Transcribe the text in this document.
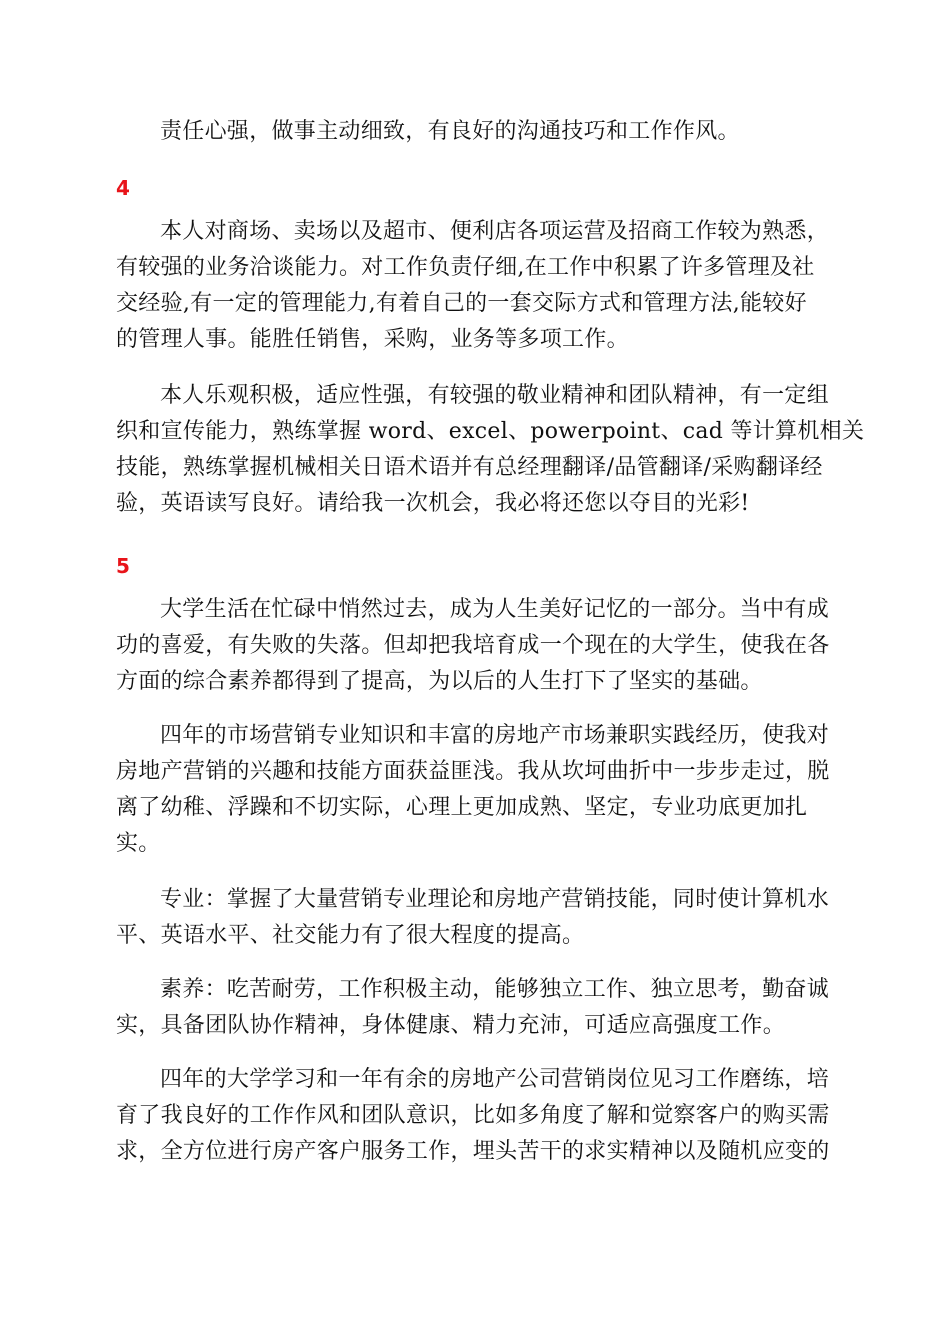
责任心强，做事主动细致，有良好的沟通技巧和工作作风。

4

本人对商场、卖场以及超市、便利店各项运营及招商工作较为熟悉，
有较强的业务洽谈能力。对工作负责仔细,在工作中积累了许多管理及社
交经验,有一定的管理能力,有着自己的一套交际方式和管理方法,能较好
的管理人事。能胜任销售，采购，业务等多项工作。

本人乐观积极，适应性强，有较强的敬业精神和团队精神，有一定组
织和宣传能力，熟练掌握 word、excel、powerpoint、cad 等计算机相关
技能，熟练掌握机械相关日语术语并有总经理翻译/品管翻译/采购翻译经
验，英语读写良好。请给我一次机会，我必将还您以夺目的光彩!

5

大学生活在忙碌中悄然过去，成为人生美好记忆的一部分。当中有成
功的喜爱，有失败的失落。但却把我培育成一个现在的大学生，使我在各
方面的综合素养都得到了提高，为以后的人生打下了坚实的基础。

四年的市场营销专业知识和丰富的房地产市场兼职实践经历，使我对
房地产营销的兴趣和技能方面获益匪浅。我从坎坷曲折中一步步走过，脱
离了幼稚、浮躁和不切实际，心理上更加成熟、坚定，专业功底更加扎
实。

专业：掌握了大量营销专业理论和房地产营销技能，同时使计算机水
平、英语水平、社交能力有了很大程度的提高。

素养：吃苦耐劳，工作积极主动，能够独立工作、独立思考，勤奋诚
实，具备团队协作精神，身体健康、精力充沛，可适应高强度工作。

四年的大学学习和一年有余的房地产公司营销岗位见习工作磨练，培
育了我良好的工作作风和团队意识，比如多角度了解和觉察客户的购买需
求，全方位进行房产客户服务工作，埋头苦干的求实精神以及随机应变的
